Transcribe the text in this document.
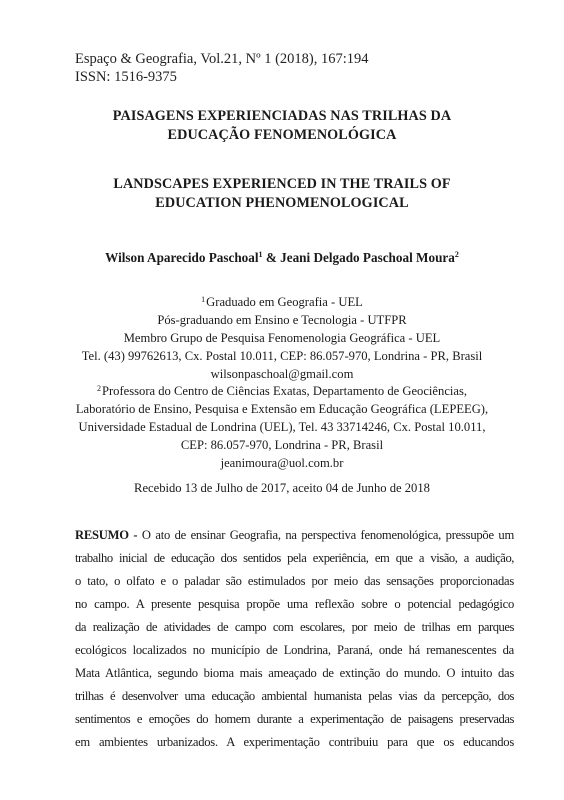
Espaço & Geografia, Vol.21, Nº 1 (2018), 167:194
ISSN: 1516-9375
PAISAGENS EXPERIENCIADAS NAS TRILHAS DA
EDUCAÇÃO FENOMENOLÓGICA
LANDSCAPES EXPERIENCED IN THE TRAILS OF
EDUCATION PHENOMENOLOGICAL
Wilson Aparecido Paschoal$^1$ & Jeani Delgado Paschoal Moura$^2$
$^1$Graduado em Geografia - UEL
Pós-graduando em Ensino e Tecnologia - UTFPR
Membro Grupo de Pesquisa Fenomenologia Geográfica - UEL
Tel. (43) 99762613, Cx. Postal 10.011, CEP: 86.057-970, Londrina - PR, Brasil
wilsonpaschoal@gmail.com
$^2$Professora do Centro de Ciências Exatas, Departamento de Geociências,
Laboratório de Ensino, Pesquisa e Extensão em Educação Geográfica (LEPEEG),
Universidade Estadual de Londrina (UEL), Tel. 43 33714246, Cx. Postal 10.011,
CEP: 86.057-970, Londrina - PR, Brasil
jeanimoura@uol.com.br
Recebido 13 de Julho de 2017, aceito 04 de Junho de 2018
RESUMO - O ato de ensinar Geografia, na perspectiva fenomenológica, pressupõe um
trabalho inicial de educação dos sentidos pela experiência, em que a visão, a audição,
o tato, o olfato e o paladar são estimulados por meio das sensações proporcionadas
no campo. A presente pesquisa propõe uma reflexão sobre o potencial pedagógico
da realização de atividades de campo com escolares, por meio de trilhas em parques
ecológicos localizados no município de Londrina, Paraná, onde há remanescentes da
Mata Atlântica, segundo bioma mais ameaçado de extinção do mundo. O intuito das
trilhas é desenvolver uma educação ambiental humanista pelas vias da percepção, dos
sentimentos e emoções do homem durante a experimentação de paisagens preservadas
em ambientes urbanizados. A experimentação contribuiu para que os educandos
